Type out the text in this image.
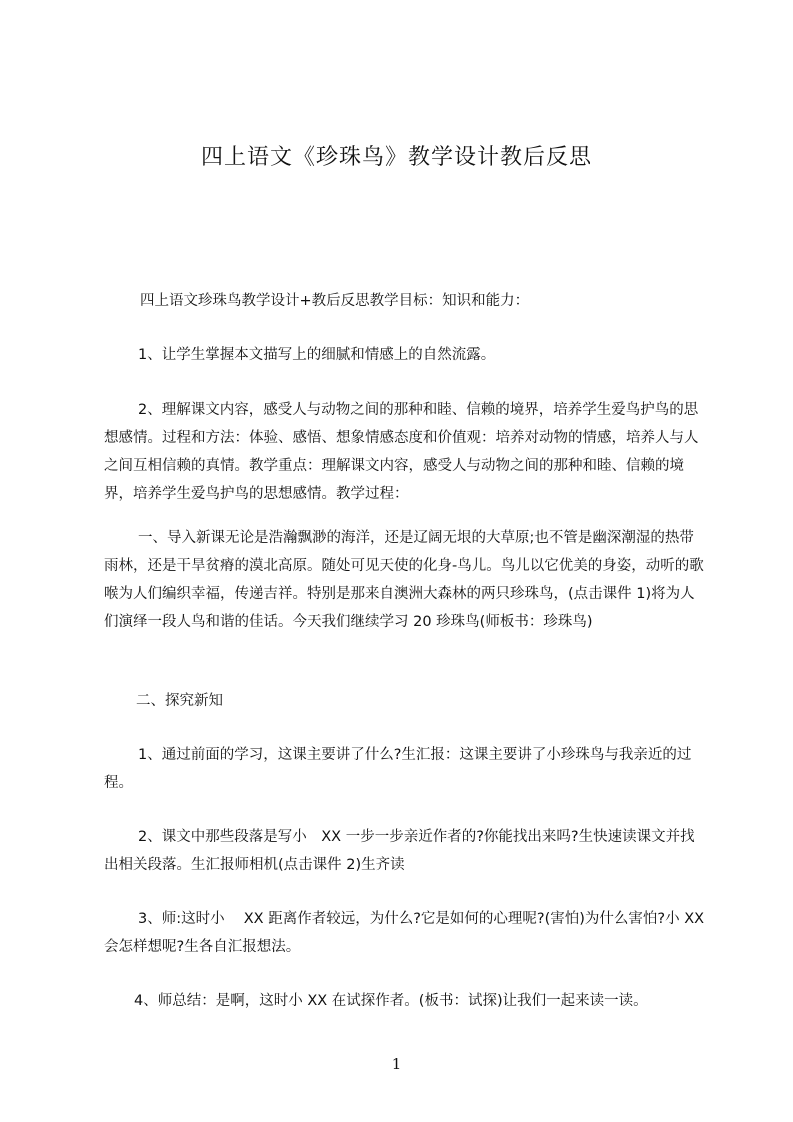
四上语文《珍珠鸟》教学设计教后反思

四上语文珍珠鸟教学设计+教后反思教学目标：知识和能力：

1、让学生掌握本文描写上的细腻和情感上的自然流露。

2、理解课文内容，感受人与动物之间的那种和睦、信赖的境界，培养学生爱鸟护鸟的思想感情。过程和方法：体验、感悟、想象情感态度和价值观：培养对动物的情感，培养人与人之间互相信赖的真情。教学重点：理解课文内容，感受人与动物之间的那种和睦、信赖的境界，培养学生爱鸟护鸟的思想感情。教学过程：

一、导入新课无论是浩瀚飘渺的海洋，还是辽阔无垠的大草原;也不管是幽深潮湿的热带雨林，还是干旱贫瘠的漠北高原。随处可见天使的化身-鸟儿。鸟儿以它优美的身姿，动听的歌喉为人们编织幸福，传递吉祥。特别是那来自澳洲大森林的两只珍珠鸟，(点击课件 1)将为人们演绎一段人鸟和谐的佳话。今天我们继续学习 20 珍珠鸟(师板书：珍珠鸟)

二、探究新知

1、通过前面的学习，这课主要讲了什么?生汇报：这课主要讲了小珍珠鸟与我亲近的过程。

2、课文中那些段落是写小　XX 一步一步亲近作者的?你能找出来吗?生快速读课文并找出相关段落。生汇报师相机(点击课件 2)生齐读

3、师:这时小　 XX 距离作者较远，为什么?它是如何的心理呢?(害怕)为什么害怕?小 XX 会怎样想呢?生各自汇报想法。

4、师总结：是啊，这时小 XX 在试探作者。(板书：试探)让我们一起来读一读。

1
